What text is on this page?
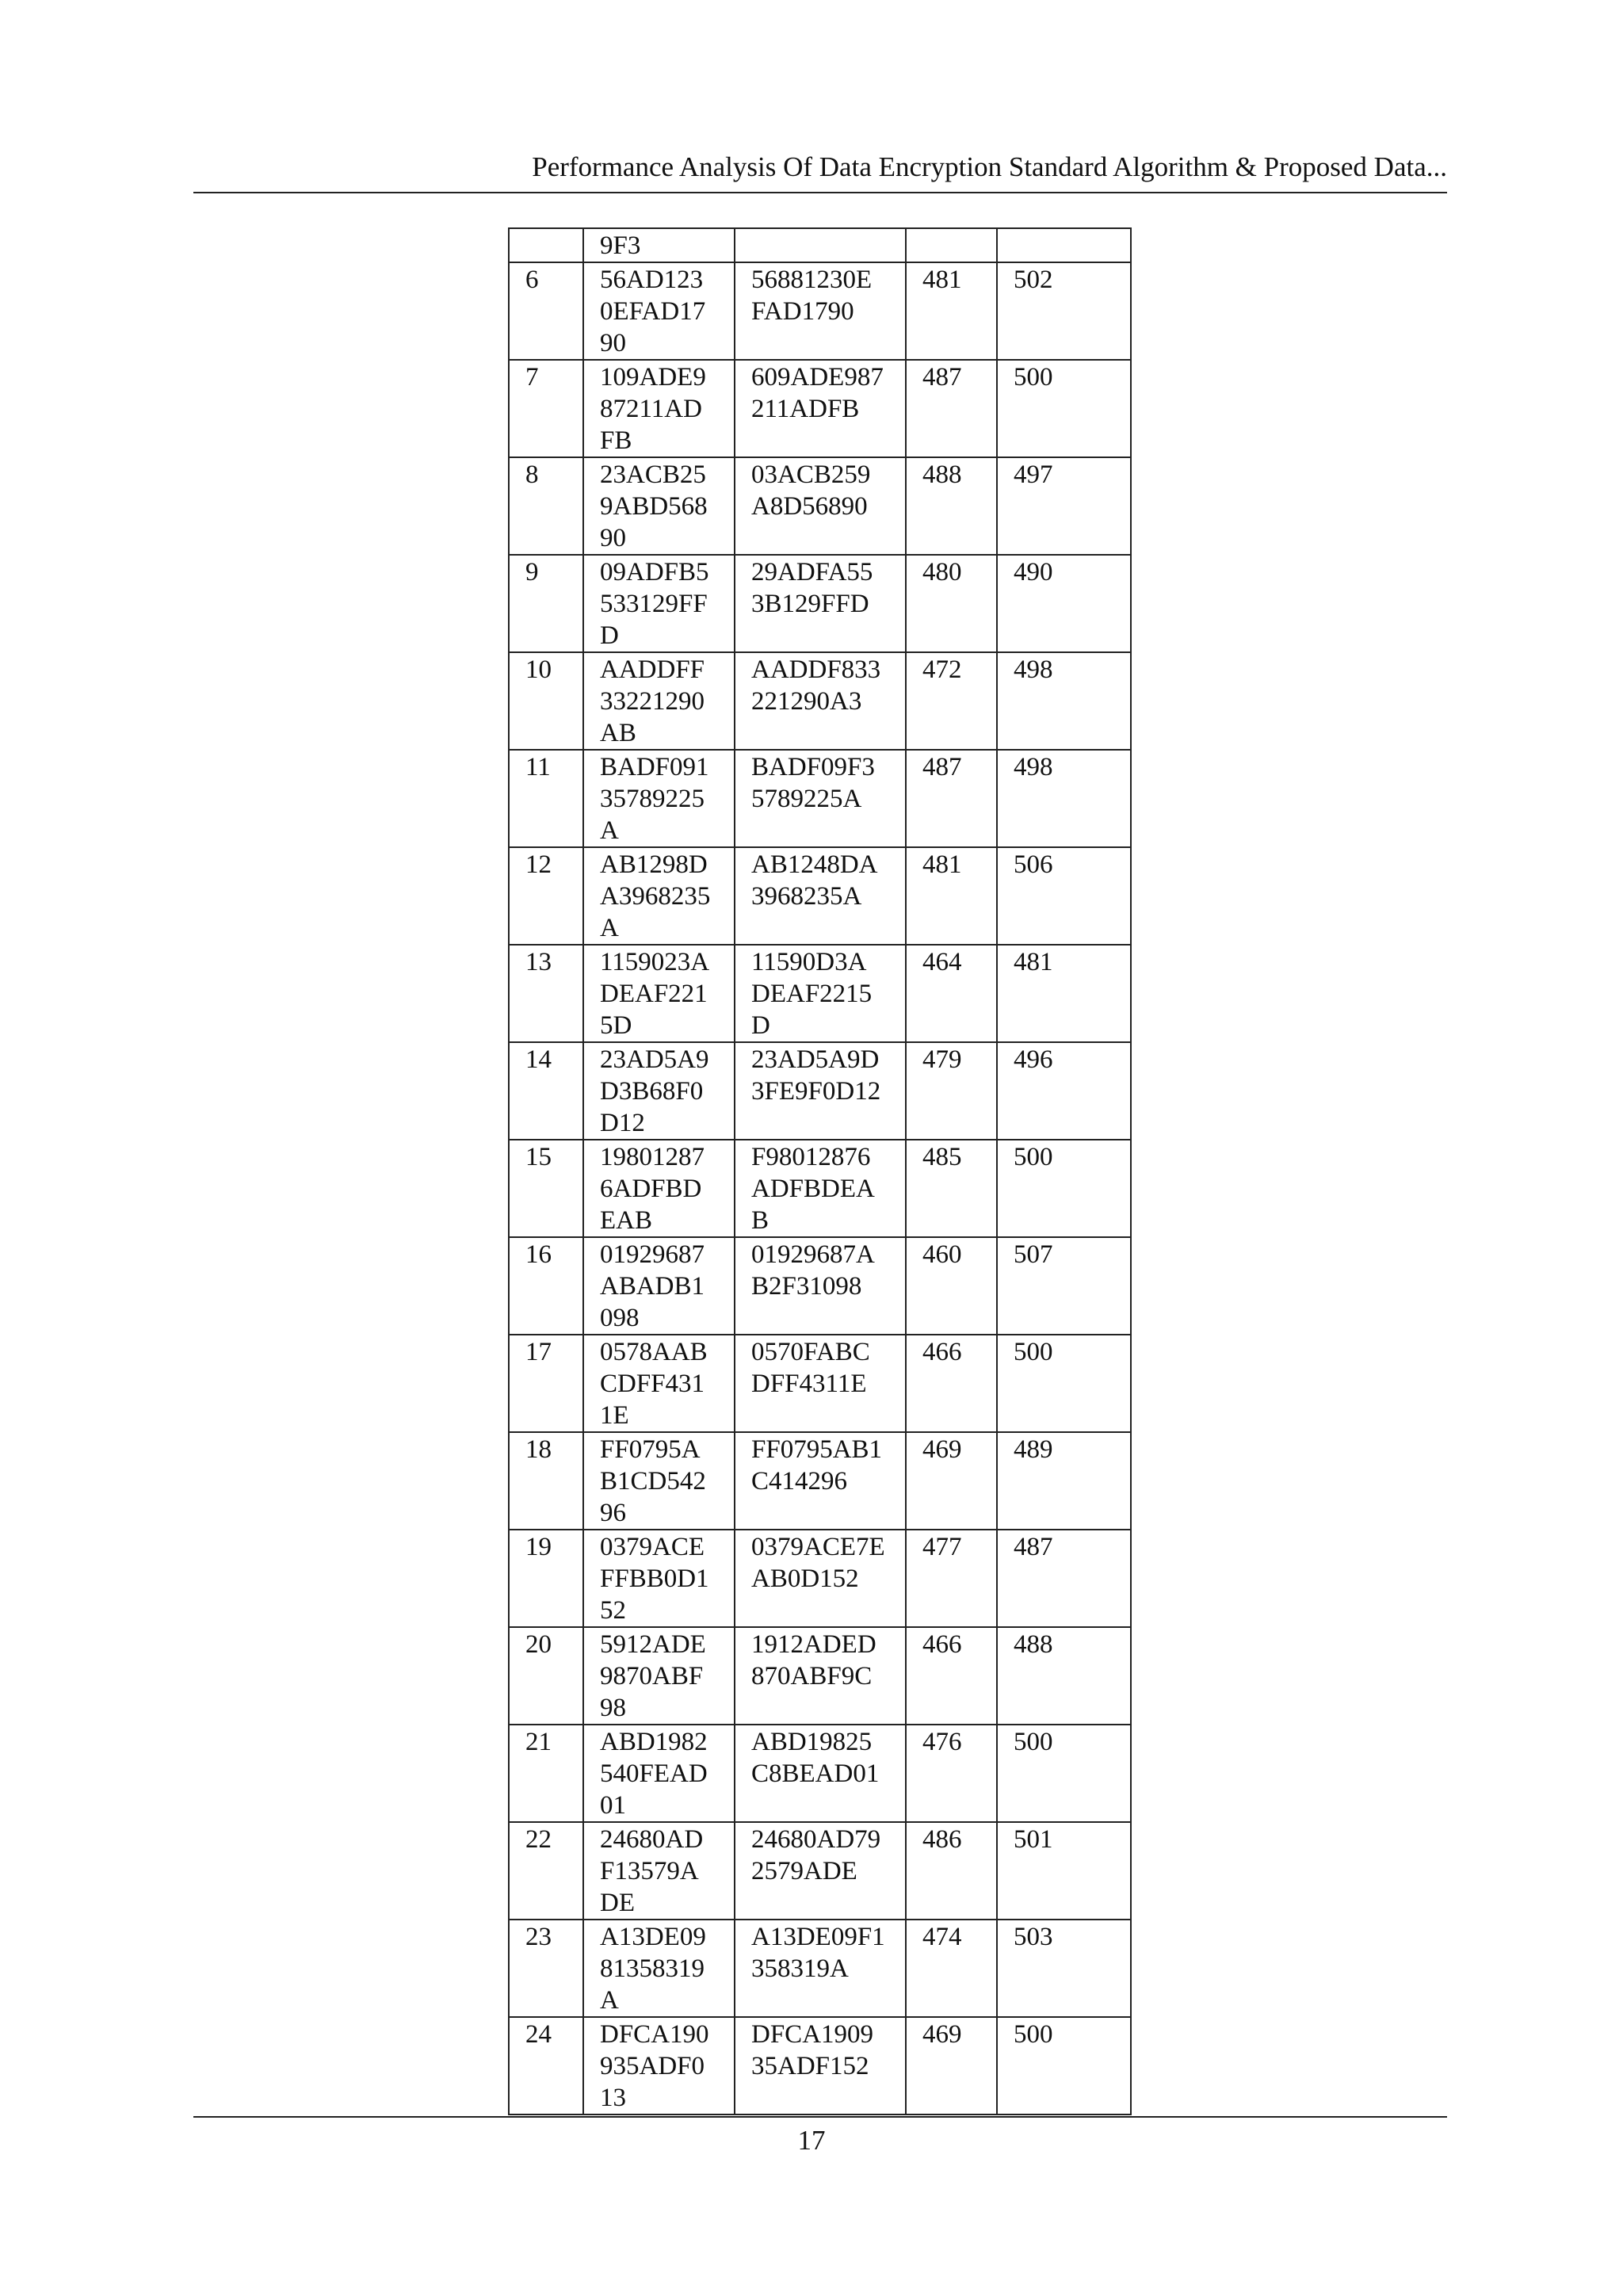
Performance Analysis Of Data Encryption Standard Algorithm & Proposed Data...

	9F3			

6	56AD123
0EFAD17
90	56881230E
FAD1790	481	502
7	109ADE9
87211AD
FB	609ADE987
211ADFB	487	500
8	23ACB25
9ABD568
90	03ACB259
A8D56890	488	497
9	09ADFB5
533129FF
D	29ADFA55
3B129FFD	480	490
10	AADDFF
33221290
AB	AADDF833
221290A3	472	498
11	BADF091
35789225
A	BADF09F3
5789225A	487	498
12	AB1298D
A3968235
A	AB1248DA
3968235A	481	506
13	1159023A
DEAF221
5D	11590D3A
DEAF2215
D	464	481
14	23AD5A9
D3B68F0
D12	23AD5A9D
3FE9F0D12	479	496
15	19801287
6ADFBD
EAB	F98012876
ADFBDEA
B	485	500
16	01929687
ABADB1
098	01929687A
B2F31098	460	507
17	0578AAB
CDFF431
1E	0570FABC
DFF4311E	466	500
18	FF0795A
B1CD542
96	FF0795AB1
C414296	469	489
19	0379ACE
FFBB0D1
52	0379ACE7E
AB0D152	477	487
20	5912ADE
9870ABF
98	1912ADED
870ABF9C	466	488
21	ABD1982
540FEAD
01	ABD19825
C8BEAD01	476	500
22	24680AD
F13579A
DE	24680AD79
2579ADE	486	501
23	A13DE09
81358319
A	A13DE09F1
358319A	474	503
24	DFCA190
935ADF0
13	DFCA1909
35ADF152	469	500
17
